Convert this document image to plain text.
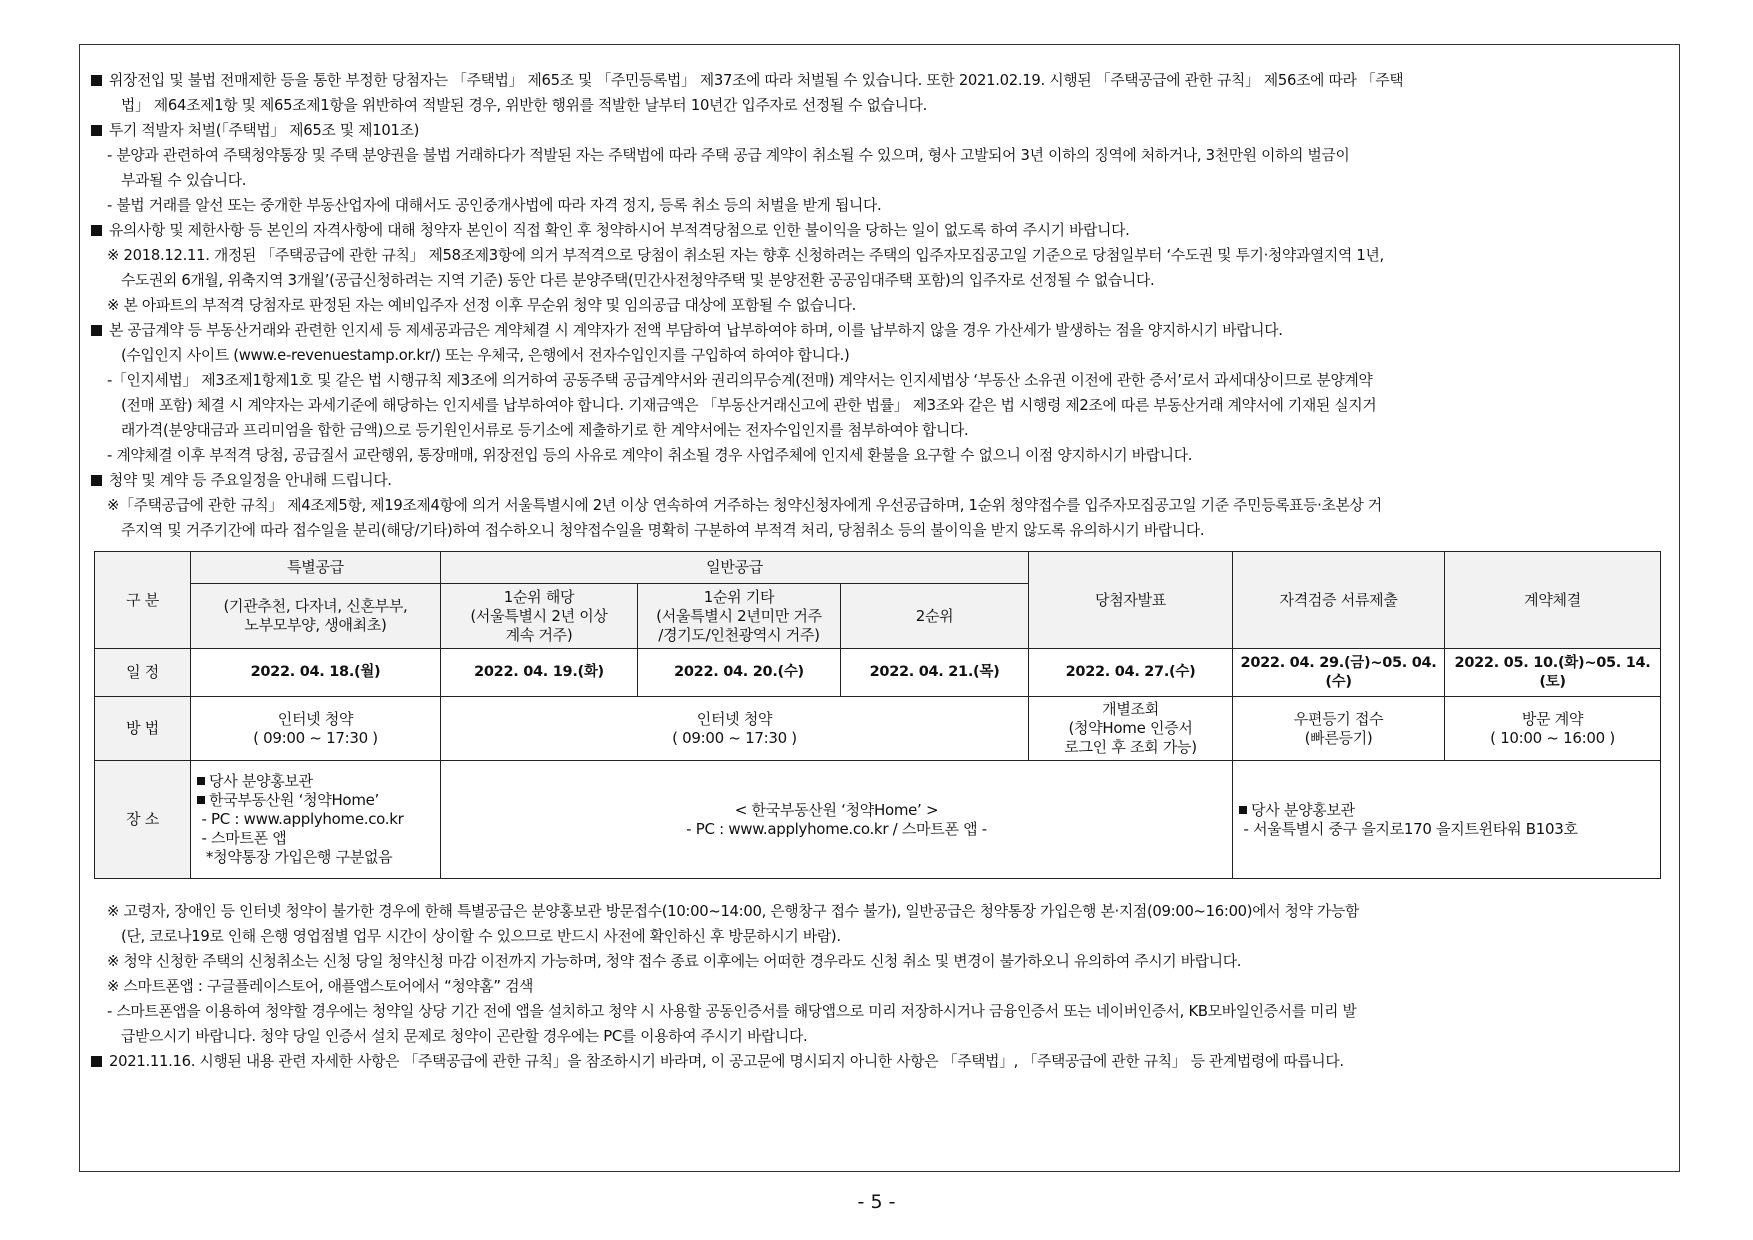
위장전입 및 불법 전매제한 등을 통한 부정한 당첨자는 「주택법」 제65조 및 「주민등록법」 제37조에 따라 처벌될 수 있습니다. 또한 2021.02.19. 시행된 「주택공급에 관한 규칙」 제56조에 따라 「주택
법」 제64조제1항 및 제65조제1항을 위반하여 적발된 경우, 위반한 행위를 적발한 날부터 10년간 입주자로 선정될 수 없습니다.
투기 적발자 처벌(「주택법」 제65조 및 제101조)
- 분양과 관련하여 주택청약통장 및 주택 분양권을 불법 거래하다가 적발된 자는 주택법에 따라 주택 공급 계약이 취소될 수 있으며, 형사 고발되어 3년 이하의 징역에 처하거나, 3천만원 이하의 벌금이
부과될 수 있습니다.
- 불법 거래를 알선 또는 중개한 부동산업자에 대해서도 공인중개사법에 따라 자격 정지, 등록 취소 등의 처벌을 받게 됩니다.
유의사항 및 제한사항 등 본인의 자격사항에 대해 청약자 본인이 직접 확인 후 청약하시어 부적격당첨으로 인한 불이익을 당하는 일이 없도록 하여 주시기 바랍니다.
※ 2018.12.11. 개정된 「주택공급에 관한 규칙」 제58조제3항에 의거 부적격으로 당첨이 취소된 자는 향후 신청하려는 주택의 입주자모집공고일 기준으로 당첨일부터 ‘수도권 및 투기·청약과열지역 1년,
수도권외 6개월, 위축지역 3개월’(공급신청하려는 지역 기준) 동안 다른 분양주택(민간사전청약주택 및 분양전환 공공임대주택 포함)의 입주자로 선정될 수 없습니다.
※ 본 아파트의 부적격 당첨자로 판정된 자는 예비입주자 선정 이후 무순위 청약 및 임의공급 대상에 포함될 수 없습니다.
본 공급계약 등 부동산거래와 관련한 인지세 등 제세공과금은 계약체결 시 계약자가 전액 부담하여 납부하여야 하며, 이를 납부하지 않을 경우 가산세가 발생하는 점을 양지하시기 바랍니다.
(수입인지 사이트 (www.e-revenuestamp.or.kr/) 또는 우체국, 은행에서 전자수입인지를 구입하여 하여야 합니다.)
-「인지세법」 제3조제1항제1호 및 같은 법 시행규칙 제3조에 의거하여 공동주택 공급계약서와 권리의무승계(전매) 계약서는 인지세법상 ‘부동산 소유권 이전에 관한 증서’로서 과세대상이므로 분양계약
(전매 포함) 체결 시 계약자는 과세기준에 해당하는 인지세를 납부하여야 합니다. 기재금액은 「부동산거래신고에 관한 법률」 제3조와 같은 법 시행령 제2조에 따른 부동산거래 계약서에 기재된 실지거
래가격(분양대금과 프리미엄을 합한 금액)으로 등기원인서류로 등기소에 제출하기로 한 계약서에는 전자수입인지를 첨부하여야 합니다.
- 계약체결 이후 부적격 당첨, 공급질서 교란행위, 통장매매, 위장전입 등의 사유로 계약이 취소될 경우 사업주체에 인지세 환불을 요구할 수 없으니 이점 양지하시기 바랍니다.
청약 및 계약 등 주요일정을 안내해 드립니다.
※「주택공급에 관한 규칙」 제4조제5항, 제19조제4항에 의거 서울특별시에 2년 이상 연속하여 거주하는 청약신청자에게 우선공급하며, 1순위 청약접수를 입주자모집공고일 기준 주민등록표등·초본상 거
주지역 및 거주기간에 따라 접수일을 분리(해당/기타)하여 접수하오니 청약접수일을 명확히 구분하여 부적격 처리, 당첨취소 등의 불이익을 받지 않도록 유의하시기 바랍니다.
구 분	특별공급	일반공급			당첨자발표	자격검증 서류제출	계약체결

	(기관추천, 다자녀, 신혼부부,
노부모부양, 생애최초)	1순위 해당
(서울특별시 2년 이상
계속 거주)	1순위 기타
(서울특별시 2년미만 거주
/경기도/인천광역시 거주)	2순위			
일 정	2022. 04. 18.(월)	2022. 04. 19.(화)	2022. 04. 20.(수)	2022. 04. 21.(목)	2022. 04. 27.(수)	2022. 04. 29.(금)~05. 04.(수)	2022. 05. 10.(화)~05. 14.(토)
방 법	인터넷 청약
( 09:00 ~ 17:30 )	인터넷 청약
( 09:00 ~ 17:30 )			개별조회
(청약Home 인증서
로그인 후 조회 가능)	우편등기 접수
(빠른등기)	방문 계약
( 10:00 ~ 16:00 )

장 소	당사 분양홍보관
한국부동산원 ‘청약Home’
- PC : www.applyhome.co.kr
- 스마트폰 앱
*청약통장 가입은행 구분없음	< 한국부동산원 ‘청약Home’ >
- PC : www.applyhome.co.kr / 스마트폰 앱 -				당사 분양홍보관
- 서울특별시 중구 을지로170 을지트윈타워 B103호	
※ 고령자, 장애인 등 인터넷 청약이 불가한 경우에 한해 특별공급은 분양홍보관 방문접수(10:00~14:00, 은행창구 접수 불가), 일반공급은 청약통장 가입은행 본·지점(09:00~16:00)에서 청약 가능함
(단, 코로나19로 인해 은행 영업점별 업무 시간이 상이할 수 있으므로 반드시 사전에 확인하신 후 방문하시기 바람).
※ 청약 신청한 주택의 신청취소는 신청 당일 청약신청 마감 이전까지 가능하며, 청약 접수 종료 이후에는 어떠한 경우라도 신청 취소 및 변경이 불가하오니 유의하여 주시기 바랍니다.
※ 스마트폰앱 : 구글플레이스토어, 애플앱스토어에서 “청약홈” 검색
- 스마트폰앱을 이용하여 청약할 경우에는 청약일 상당 기간 전에 앱을 설치하고 청약 시 사용할 공동인증서를 해당앱으로 미리 저장하시거나 금융인증서 또는 네이버인증서, KB모바일인증서를 미리 발
급받으시기 바랍니다. 청약 당일 인증서 설치 문제로 청약이 곤란할 경우에는 PC를 이용하여 주시기 바랍니다.
2021.11.16. 시행된 내용 관련 자세한 사항은 「주택공급에 관한 규칙」을 참조하시기 바라며, 이 공고문에 명시되지 아니한 사항은 「주택법」, 「주택공급에 관한 규칙」 등 관계법령에 따릅니다.
- 5 -
